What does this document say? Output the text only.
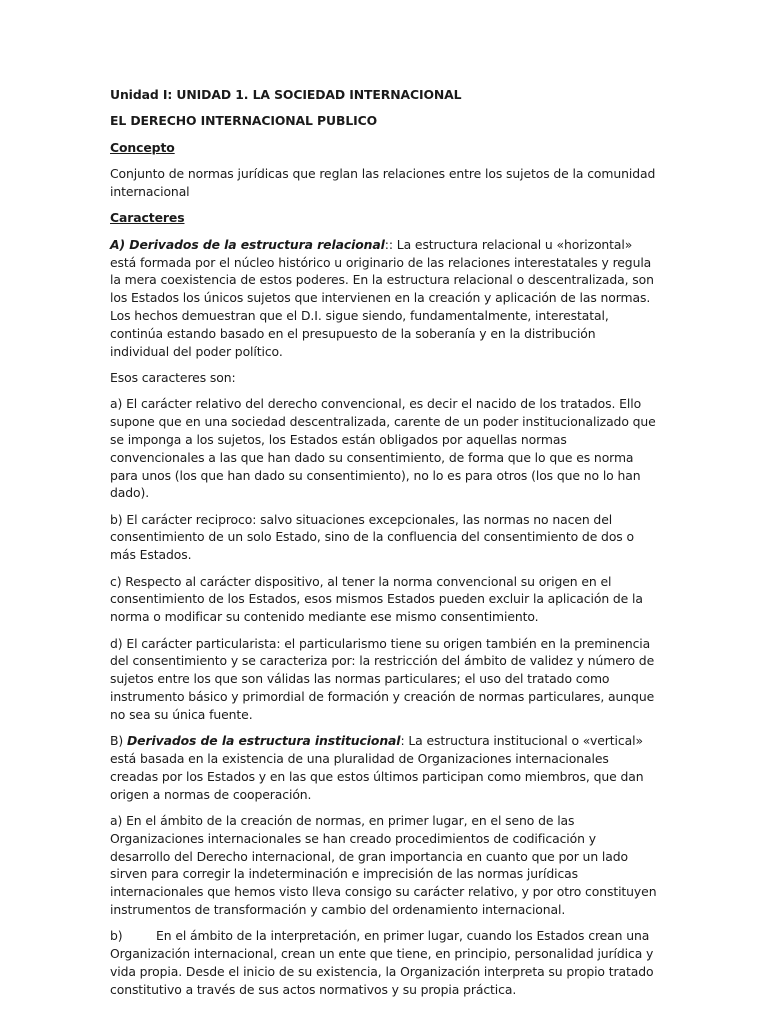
Unidad I: UNIDAD 1. LA SOCIEDAD INTERNACIONAL

EL DERECHO INTERNACIONAL PUBLICO

Concepto

Conjunto de normas jurídicas que reglan las relaciones entre los sujetos de la comunidad internacional

Caracteres

A) Derivados de la estructura relacional:: La estructura relacional u «horizontal» está formada por el núcleo histórico u originario de las relaciones interestatales y regula la mera coexistencia de estos poderes. En la estructura relacional o descentralizada, son los Estados los únicos sujetos que intervienen en la creación y aplicación de las normas. Los hechos demuestran que el D.I. sigue siendo, fundamentalmente, interestatal, continúa estando basado en el presupuesto de la soberanía y en la distribución individual del poder político.

Esos caracteres son:

a) El carácter relativo del derecho convencional, es decir el nacido de los tratados. Ello supone que en una sociedad descentralizada, carente de un poder institucionalizado que se imponga a los sujetos, los Estados están obligados por aquellas normas convencionales a las que han dado su consentimiento, de forma que lo que es norma para unos (los que han dado su consentimiento), no lo es para otros (los que no lo han dado).

b) El carácter reciproco: salvo situaciones excepcionales, las normas no nacen del consentimiento de un solo Estado, sino de la confluencia del consentimiento de dos o más Estados.

c) Respecto al carácter dispositivo, al tener la norma convencional su origen en el consentimiento de los Estados, esos mismos Estados pueden excluir la aplicación de la norma o modificar su contenido mediante ese mismo consentimiento.

d) El carácter particularista: el particularismo tiene su origen también en la preminencia del consentimiento y se caracteriza por: la restricción del ámbito de validez y número de sujetos entre los que son válidas las normas particulares; el uso del tratado como instrumento básico y primordial de formación y creación de normas particulares, aunque no sea su única fuente.

B) Derivados de la estructura institucional: La estructura institucional o «vertical» está basada en la existencia de una pluralidad de Organizaciones internacionales creadas por los Estados y en las que estos últimos participan como miembros, que dan origen a normas de cooperación.

a) En el ámbito de la creación de normas, en primer lugar, en el seno de las Organizaciones internacionales se han creado procedimientos de codificación y desarrollo del Derecho internacional, de gran importancia en cuanto que por un lado sirven para corregir la indeterminación e imprecisión de las normas jurídicas internacionales que hemos visto lleva consigo su carácter relativo, y por otro constituyen instrumentos de transformación y cambio del ordenamiento internacional.

b)	En el ámbito de la interpretación, en primer lugar, cuando los Estados crean una Organización internacional, crean un ente que tiene, en principio, personalidad jurídica y vida propia. Desde el inicio de su existencia, la Organización interpreta su propio tratado constitutivo a través de sus actos normativos y su propia práctica.
